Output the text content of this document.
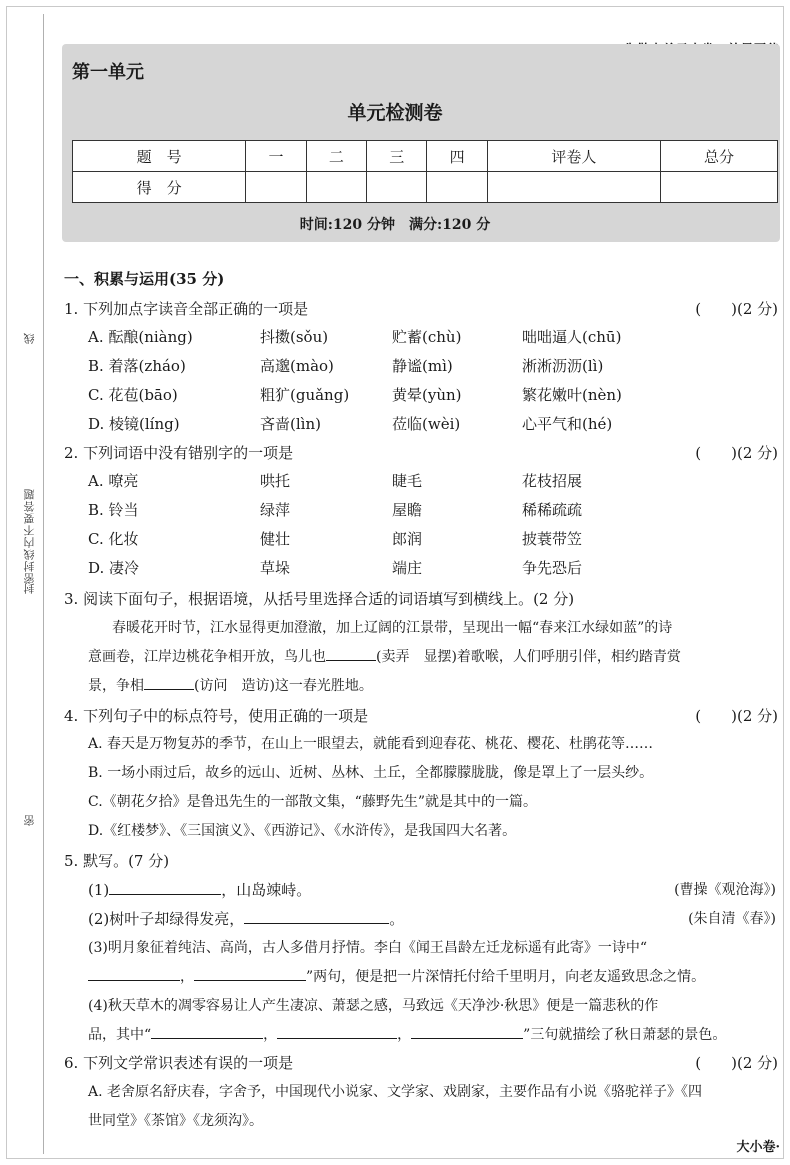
线
密封线内不要答题
封
密
第一单元
单元检测卷
题　号	一	二	三	四	评卷人	总分
得　分						
时间:120 分钟　满分:120 分
一、积累与运用(35 分)
1. 下列加点字读音全部正确的一项是	(　　)(2 分)
A. 酝酿(niàng)	抖擞(sǒu)	贮蓄(chù)	咄咄逼人(chū)
B. 着落(zháo)	高邈(mào)	静谧(mì)	淅淅沥沥(lì)
C. 花苞(bāo)	粗犷(guǎng)	黄晕(yùn)	繁花嫩叶(nèn)
D. 棱镜(líng)	吝啬(lìn)	莅临(wèi)	心平气和(hé)
2. 下列词语中没有错别字的一项是	(　　)(2 分)
A. 嘹亮	哄托	睫毛	花枝招展
B. 铃当	绿萍	屋瞻	稀稀疏疏
C. 化妆	健壮	郎润	披蓑带笠
D. 凄冷	草垛	端庄	争先恐后
3. 阅读下面句子，根据语境，从括号里选择合适的词语填写到横线上。(2 分)
春暖花开时节，江水显得更加澄澈，加上辽阔的江景带，呈现出一幅“春来江水绿如蓝”的诗
意画卷，江岸边桃花争相开放，鸟儿也	(卖弄　显摆)着歌喉，人们呼朋引伴，相约踏青赏
景，争相	(访问　造访)这一春光胜地。
4. 下列句子中的标点符号，使用正确的一项是	(　　)(2 分)
A. 春天是万物复苏的季节，在山上一眼望去，就能看到迎春花、桃花、樱花、杜鹃花等……
B. 一场小雨过后，故乡的远山、近树、丛林、土丘，全都朦朦胧胧，像是罩上了一层头纱。
C.《朝花夕拾》是鲁迅先生的一部散文集，“藤野先生”就是其中的一篇。
D.《红楼梦》、《三国演义》、《西游记》、《水浒传》，是我国四大名著。
5. 默写。(7 分)
(1)	，山岛竦峙。	(曹操《观沧海》)
(2)树叶子却绿得发亮，	。	(朱自清《春》)
(3)明月象征着纯洁、高尚，古人多借月抒情。李白《闻王昌龄左迁龙标遥有此寄》一诗中“
，	”两句，便是把一片深情托付给千里明月，向老友遥致思念之情。
(4)秋天草木的凋零容易让人产生凄凉、萧瑟之感，马致远《天净沙·秋思》便是一篇悲秋的作
品，其中“	，	，	”三句就描绘了秋日萧瑟的景色。
6. 下列文学常识表述有误的一项是	(　　)(2 分)
A. 老舍原名舒庆春，字舍予，中国现代小说家、文学家、戏剧家，主要作品有小说《骆驼祥子》《四
世同堂》《茶馆》《龙须沟》。
大小卷·
